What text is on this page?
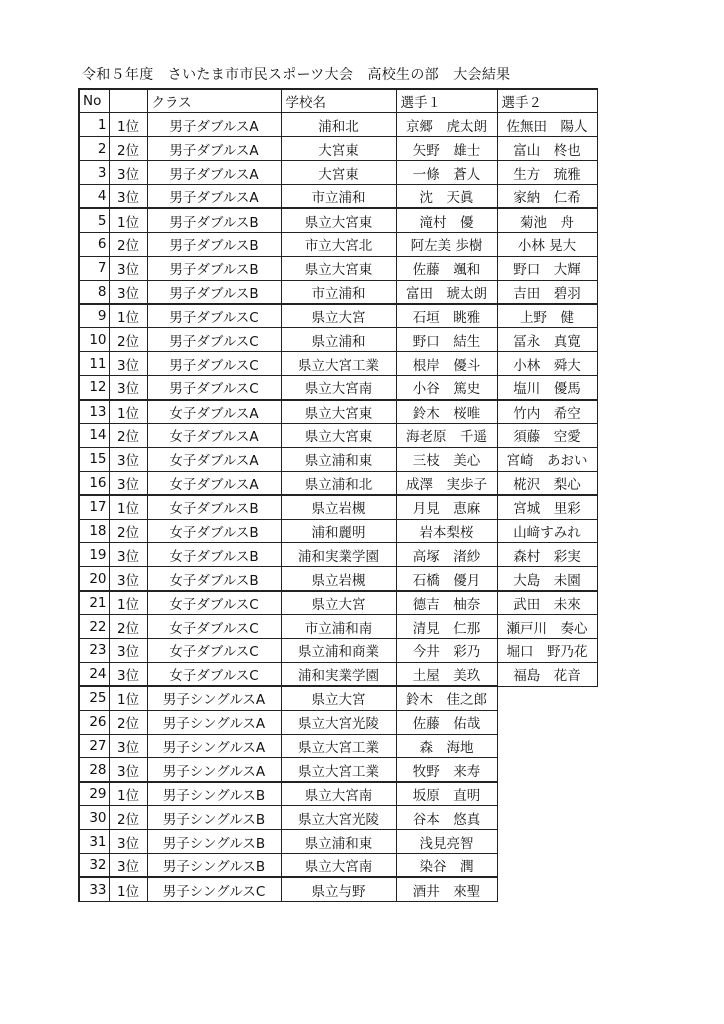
令和５年度　さいたま市市民スポーツ大会　高校生の部　大会結果
No		クラス	学校名	選手１	選手２
1	1位	男子ダブルスA	浦和北	京郷　虎太朗	佐無田　陽人
2	2位	男子ダブルスA	大宮東	矢野　雄士	富山　柊也
3	3位	男子ダブルスA	大宮東	一條　蒼人	生方　琉雅
4	3位	男子ダブルスA	市立浦和	沈　天眞	家納　仁希
5	1位	男子ダブルスB	県立大宮東	滝村　優	菊池　舟
6	2位	男子ダブルスB	市立大宮北	阿左美 歩樹	小林 晃大
7	3位	男子ダブルスB	県立大宮東	佐藤　颯和	野口　大輝
8	3位	男子ダブルスB	市立浦和	富田　琥太朗	吉田　碧羽
9	1位	男子ダブルスC	県立大宮	石垣　眺雅	上野　健
10	2位	男子ダブルスC	県立浦和	野口　結生	冨永　真寛
11	3位	男子ダブルスC	県立大宮工業	根岸　優斗	小林　舜大
12	3位	男子ダブルスC	県立大宮南	小谷　篤史	塩川　優馬
13	1位	女子ダブルスA	県立大宮東	鈴木　桜唯	竹内　希空
14	2位	女子ダブルスA	県立大宮東	海老原　千遥	須藤　空愛
15	3位	女子ダブルスA	県立浦和東	三枝　美心	宮崎　あおい
16	3位	女子ダブルスA	県立浦和北	成澤　実歩子	椛沢　梨心
17	1位	女子ダブルスB	県立岩槻	月見　恵麻	宮城　里彩
18	2位	女子ダブルスB	浦和麗明	岩本梨桜	山﨑すみれ
19	3位	女子ダブルスB	浦和実業学園	高塚　渚紗	森村　彩実
20	3位	女子ダブルスB	県立岩槻	石橋　優月	大島　未園
21	1位	女子ダブルスC	県立大宮	德吉　柚奈	武田　未來
22	2位	女子ダブルスC	市立浦和南	清見　仁那	瀬戸川　奏心
23	3位	女子ダブルスC	県立浦和商業	今井　彩乃	堀口　野乃花
24	3位	女子ダブルスC	浦和実業学園	土屋　美玖	福島　花音
25	1位	男子シングルスA	県立大宮	鈴木　佳之郎	
26	2位	男子シングルスA	県立大宮光陵	佐藤　佑哉	
27	3位	男子シングルスA	県立大宮工業	森　海地	
28	3位	男子シングルスA	県立大宮工業	牧野　来寿	
29	1位	男子シングルスB	県立大宮南	坂原　直明	
30	2位	男子シングルスB	県立大宮光陵	谷本　悠真	
31	3位	男子シングルスB	県立浦和東	浅見亮智	
32	3位	男子シングルスB	県立大宮南	染谷　潤	
33	1位	男子シングルスC	県立与野	酒井　來聖	
